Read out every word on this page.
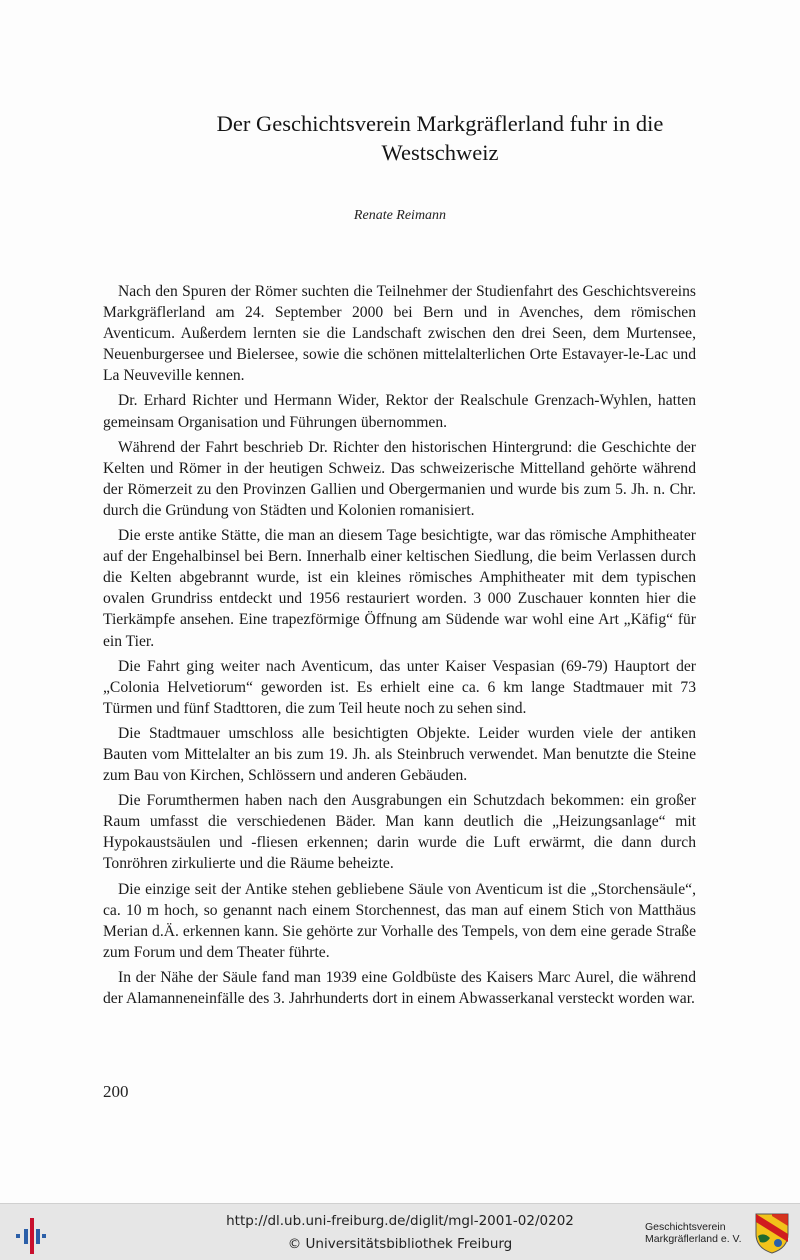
Der Geschichtsverein Markgräflerland fuhr in die
Westschweiz
Renate Reimann

Nach den Spuren der Römer suchten die Teilnehmer der Studienfahrt des Geschichtsvereins Markgräflerland am 24. September 2000 bei Bern und in Avenches, dem römischen Aventicum. Außerdem lernten sie die Landschaft zwischen den drei Seen, dem Murtensee, Neuenburgersee und Bielersee, sowie die schönen mittelalterlichen Orte Estavayer-le-Lac und La Neuveville kennen.

Dr. Erhard Richter und Hermann Wider, Rektor der Realschule Grenzach-Wyhlen, hatten gemeinsam Organisation und Führungen übernommen.

Während der Fahrt beschrieb Dr. Richter den historischen Hintergrund: die Geschichte der Kelten und Römer in der heutigen Schweiz. Das schweizerische Mittelland gehörte während der Römerzeit zu den Provinzen Gallien und Obergermanien und wurde bis zum 5. Jh. n. Chr. durch die Gründung von Städten und Kolonien romanisiert.

Die erste antike Stätte, die man an diesem Tage besichtigte, war das römische Amphitheater auf der Engehalbinsel bei Bern. Innerhalb einer keltischen Siedlung, die beim Verlassen durch die Kelten abgebrannt wurde, ist ein kleines römisches Amphitheater mit dem typischen ovalen Grundriss entdeckt und 1956 restauriert worden. 3 000 Zuschauer konnten hier die Tierkämpfe ansehen. Eine trapezförmige Öffnung am Südende war wohl eine Art „Käfig“ für ein Tier.

Die Fahrt ging weiter nach Aventicum, das unter Kaiser Vespasian (69-79) Hauptort der „Colonia Helvetiorum“ geworden ist. Es erhielt eine ca. 6 km lange Stadtmauer mit 73 Türmen und fünf Stadttoren, die zum Teil heute noch zu sehen sind.

Die Stadtmauer umschloss alle besichtigten Objekte. Leider wurden viele der antiken Bauten vom Mittelalter an bis zum 19. Jh. als Steinbruch verwendet. Man benutzte die Steine zum Bau von Kirchen, Schlössern und anderen Gebäuden.

Die Forumthermen haben nach den Ausgrabungen ein Schutzdach bekommen: ein großer Raum umfasst die verschiedenen Bäder. Man kann deutlich die „Heizungsanlage“ mit Hypokaustsäulen und -fliesen erkennen; darin wurde die Luft erwärmt, die dann durch Tonröhren zirkulierte und die Räume beheizte.

Die einzige seit der Antike stehen gebliebene Säule von Aventicum ist die „Storchensäule“, ca. 10 m hoch, so genannt nach einem Storchennest, das man auf einem Stich von Matthäus Merian d.Ä. erkennen kann. Sie gehörte zur Vorhalle des Tempels, von dem eine gerade Straße zum Forum und dem Theater führte.

In der Nähe der Säule fand man 1939 eine Goldbüste des Kaisers Marc Aurel, die während der Alamanneneinfälle des 3. Jahrhunderts dort in einem Abwasserkanal versteckt worden war.

200
http://dl.ub.uni-freiburg.de/diglit/mgl-2001-02/0202
© Universitätsbibliothek Freiburg
Geschichtsverein
Markgräflerland e. V.
